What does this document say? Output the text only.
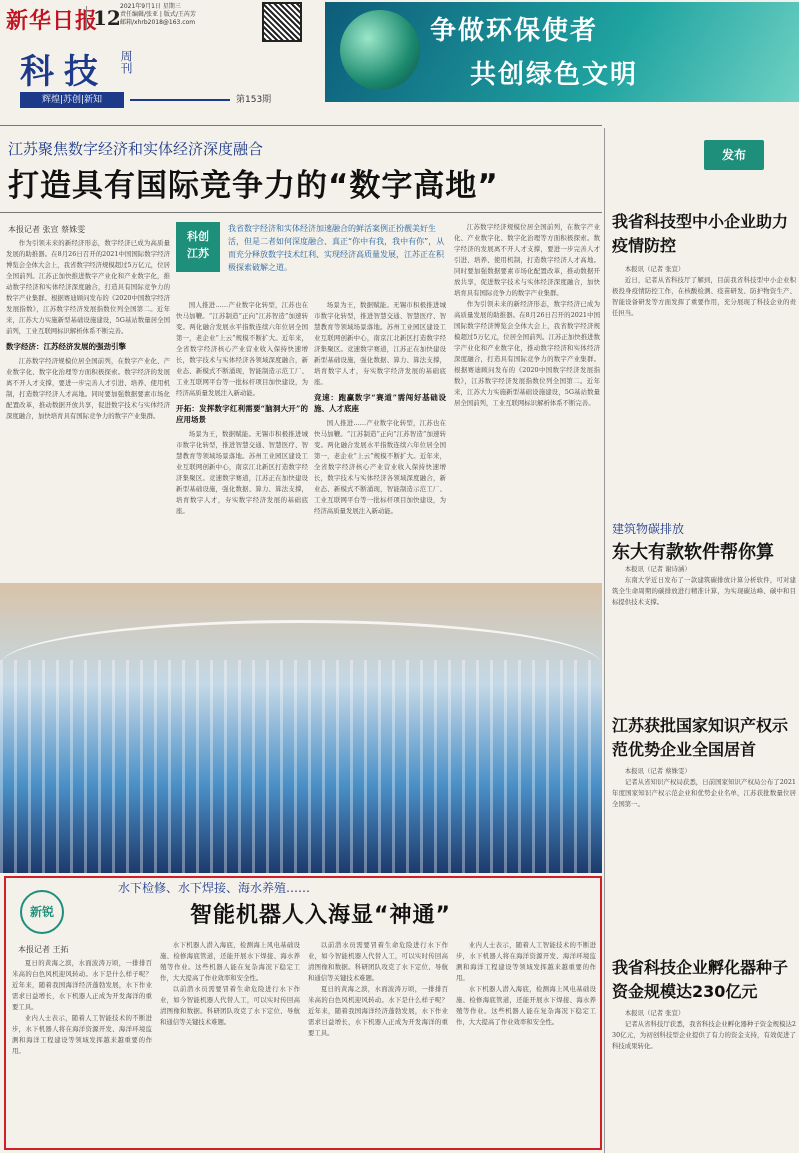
新华日报
12 2021年9月1日 星期三
责任编辑/张亚 | 版式/王芮芳
邮箱/xhrb2018@163.com
科技 周刊
辉煌|苏创|新知	第153期
争做环保使者
共创绿色文明
江苏聚焦数字经济和实体经济深度融合
打造具有国际竞争力的“数字高地”
本报记者 张宣 蔡姝雯
科创
江苏
我省数字经济和实体经济加速融合的鲜活案例正扮靓美好生活，但是二者如何深度融合、真正“你中有我，我中有你”，从而充分释放数字技术红利、实现经济高质量发展，江苏正在积极探索破解之道。

作为引领未来的新经济形态，数字经济已成为高质量发展的助推器。在8月26日召开的2021中国国际数字经济博览会全体大会上，我省数字经济规模超过5万亿元，位居全国前列。江苏正加快推进数字产业化和产业数字化，推动数字经济和实体经济深度融合，打造具有国际竞争力的数字产业集群。根据赛迪顾问发布的《2020中国数字经济发展指数》，江苏数字经济发展指数位列全国第二。近年来，江苏大力实施新型基础设施建设，5G基站数量居全国前列，工业互联网标识解析体系不断完善。

数字经济：江苏经济发展的强劲引擎

江苏数字经济规模位居全国前列，在数字产业化、产业数字化、数字化治理等方面积极探索。数字经济的发展离不开人才支撑，要进一步完善人才引进、培养、使用机制，打造数字经济人才高地。同时要加强数据要素市场化配置改革，推动数据开放共享，促进数字技术与实体经济深度融合，加快培育具有国际竞争力的数字产业集群。

国人推进……产业数字化转型，江苏也在快马加鞭。“江苏制造”正向“江苏智造”加速转变。两化融合发展水平指数连续六年位居全国第一，老企业“上云”规模不断扩大。近年来，全省数字经济核心产业营业收入保持快速增长，数字技术与实体经济各领域深度融合，新业态、新模式不断涌现，智能制造示范工厂、工业互联网平台等一批标杆项目加快建设，为经济高质量发展注入新动能。

开拓：发挥数字红利需要“脑洞大开”的应用场景

场景为王，数据赋能。无锡市积极推进城市数字化转型，推进智慧交通、智慧医疗、智慧教育等领域场景落地。苏州工业园区建设工业互联网创新中心，南京江北新区打造数字经济集聚区。竞速数字赛道，江苏正在加快建设新型基础设施，强化数据、算力、算法支撑，培育数字人才，夯实数字经济发展的基础底座。

场景为王，数据赋能。无锡市积极推进城市数字化转型，推进智慧交通、智慧医疗、智慧教育等领域场景落地。苏州工业园区建设工业互联网创新中心，南京江北新区打造数字经济集聚区。竞速数字赛道，江苏正在加快建设新型基础设施，强化数据、算力、算法支撑，培育数字人才，夯实数字经济发展的基础底座。

竞速：跑赢数字“赛道”需闯好基础设施、人才底座

国人推进……产业数字化转型，江苏也在快马加鞭。“江苏制造”正向“江苏智造”加速转变。两化融合发展水平指数连续六年位居全国第一，老企业“上云”规模不断扩大。近年来，全省数字经济核心产业营业收入保持快速增长，数字技术与实体经济各领域深度融合，新业态、新模式不断涌现，智能制造示范工厂、工业互联网平台等一批标杆项目加快建设，为经济高质量发展注入新动能。

江苏数字经济规模位居全国前列，在数字产业化、产业数字化、数字化治理等方面积极探索。数字经济的发展离不开人才支撑，要进一步完善人才引进、培养、使用机制，打造数字经济人才高地。同时要加强数据要素市场化配置改革，推动数据开放共享，促进数字技术与实体经济深度融合，加快培育具有国际竞争力的数字产业集群。

作为引领未来的新经济形态，数字经济已成为高质量发展的助推器。在8月26日召开的2021中国国际数字经济博览会全体大会上，我省数字经济规模超过5万亿元，位居全国前列。江苏正加快推进数字产业化和产业数字化，推动数字经济和实体经济深度融合，打造具有国际竞争力的数字产业集群。根据赛迪顾问发布的《2020中国数字经济发展指数》，江苏数字经济发展指数位列全国第二。近年来，江苏大力实施新型基础设施建设，5G基站数量居全国前列，工业互联网标识解析体系不断完善。

新锐
水下检修、水下焊接、海水养殖……
智能机器人入海显“神通”
本报记者 王拓

夏日的黄海之滨，水面波涛万顷，一排排百米高的白色风机迎风转动。水下是什么样子呢？近年来，随着我国海洋经济蓬勃发展，水下作业需求日益增长，水下机器人正成为开发海洋的重要工具。

业内人士表示，随着人工智能技术的不断进步，水下机器人将在海洋资源开发、海洋环境监测和海洋工程建设等领域发挥越来越重要的作用。

水下机器人潜入海底，检测海上风电基础设施、检修海底管道，还能开展水下焊接、海水养殖等作业。这些机器人能在复杂海况下稳定工作，大大提高了作业效率和安全性。

以前潜水员需要冒着生命危险进行水下作业，如今智能机器人代替人工，可以实时传回高清图像和数据。科研团队攻克了水下定位、导航和通信等关键技术难题。

以前潜水员需要冒着生命危险进行水下作业，如今智能机器人代替人工，可以实时传回高清图像和数据。科研团队攻克了水下定位、导航和通信等关键技术难题。

夏日的黄海之滨，水面波涛万顷，一排排百米高的白色风机迎风转动。水下是什么样子呢？近年来，随着我国海洋经济蓬勃发展，水下作业需求日益增长，水下机器人正成为开发海洋的重要工具。

业内人士表示，随着人工智能技术的不断进步，水下机器人将在海洋资源开发、海洋环境监测和海洋工程建设等领域发挥越来越重要的作用。

水下机器人潜入海底，检测海上风电基础设施、检修海底管道，还能开展水下焊接、海水养殖等作业。这些机器人能在复杂海况下稳定工作，大大提高了作业效率和安全性。

发布
我省科技型中小企业助力疫情防控

本报讯（记者 张宣）

近日，记者从省科技厅了解到，目前我省科技型中小企业积极投身疫情防控工作，在核酸检测、疫苗研发、防护物资生产、智能设备研发等方面发挥了重要作用，充分展现了科技企业的责任担当。

建筑物碳排放
东大有款软件帮你算

本报讯（记者 谢诗涵）

东南大学近日发布了一款建筑碳排放计算分析软件，可对建筑全生命周期的碳排放进行精准计算，为实现碳达峰、碳中和目标提供技术支撑。

江苏获批国家知识产权示范优势企业全国居首

本报讯（记者 蔡姝雯）

记者从省知识产权局获悉，日前国家知识产权局公布了2021年度国家知识产权示范企业和优势企业名单，江苏获批数量位居全国第一。

我省科技企业孵化器种子资金规模达230亿元

本报讯（记者 张宣）

记者从省科技厅获悉，我省科技企业孵化器种子资金规模达230亿元，为初创科技型企业提供了有力的资金支持，有效促进了科技成果转化。
